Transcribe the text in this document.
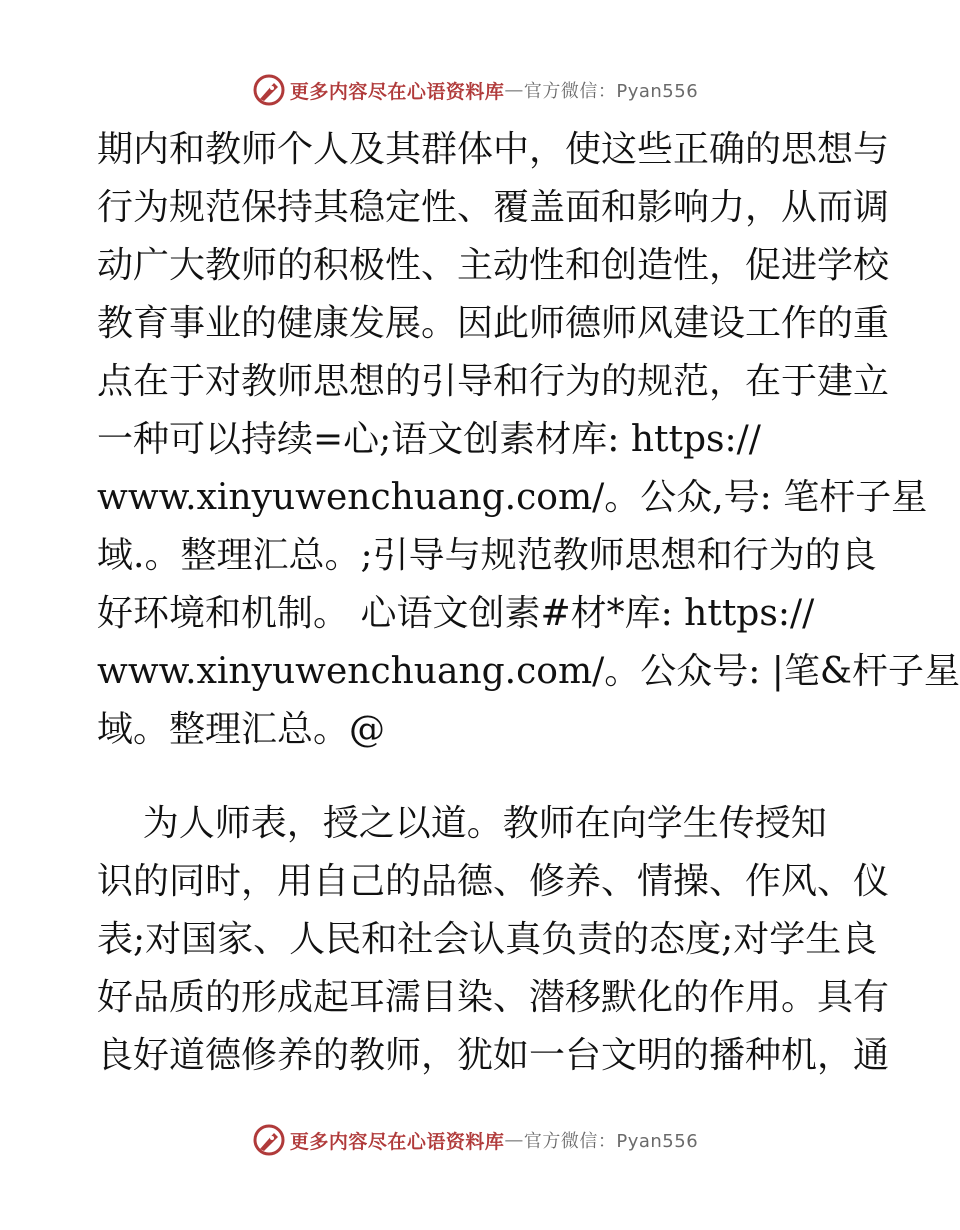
更多内容尽在心语资料库 — 官方微信：Pyan556
期内和教师个人及其群体中，使这些正确的思想与
行为规范保持其稳定性、覆盖面和影响力，从而调
动广大教师的积极性、主动性和创造性，促进学校
教育事业的健康发展。因此师德师风建设工作的重
点在于对教师思想的引导和行为的规范，在于建立
一种可以持续=心;语文创素材库: https://
www.xinyuwenchuang.com/。公众,号: 笔杆子星
域.。整理汇总。;引导与规范教师思想和行为的良
好环境和机制。 心语文创素#材*库: https://
www.xinyuwenchuang.com/。公众号: |笔&杆子星
域。整理汇总。@
为人师表，授之以道。教师在向学生传授知
识的同时，用自己的品德、修养、情操、作风、仪
表;对国家、人民和社会认真负责的态度;对学生良
好品质的形成起耳濡目染、潜移默化的作用。具有
良好道德修养的教师，犹如一台文明的播种机，通
更多内容尽在心语资料库 — 官方微信：Pyan556
